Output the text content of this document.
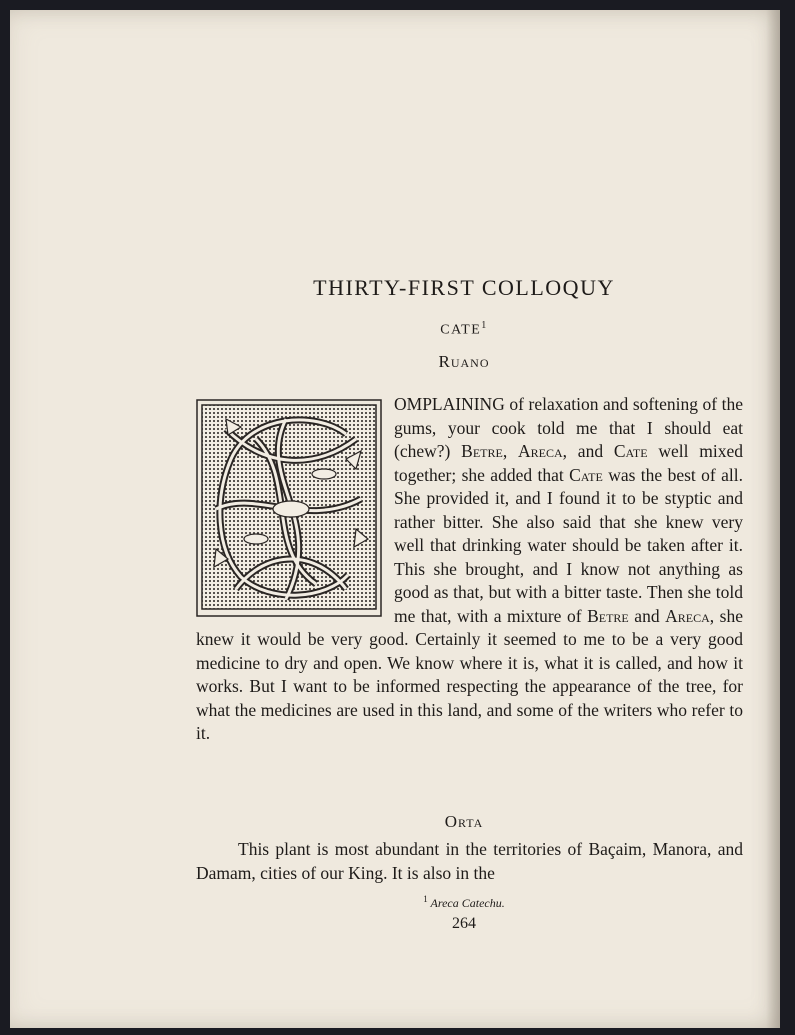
THIRTY-FIRST COLLOQUY
CATE$^1$
Ruano
OMPLAINING of relaxation and softening of the gums, your cook told me that I should eat (chew?) Betre, Areca, and Cate well mixed together; she added that Cate was the best of all. She provided it, and I found it to be styptic and rather bitter. She also said that she knew very well that drinking water should be taken after it. This she brought, and I know not anything as good as that, but with a bitter taste. Then she told me that, with a mixture of Betre and Areca, she knew it would be very good. Certainly it seemed to me to be a very good medicine to dry and open. We know where it is, what it is called, and how it works. But I want to be informed respecting the appearance of the tree, for what the medicines are used in this land, and some of the writers who refer to it.
Orta
This plant is most abundant in the territories of Baçaim, Manora, and Damam, cities of our King. It is also in the
$^1$ Areca Catechu.
264
